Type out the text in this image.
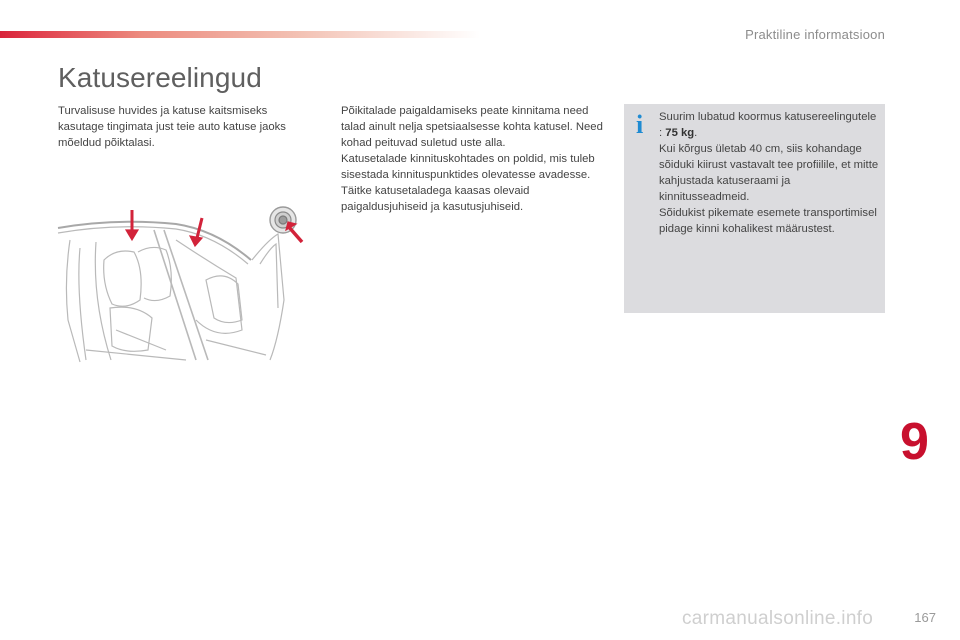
Praktiline informatsioon
Katusereelingud

Turvalisuse huvides ja katuse kaitsmiseks kasutage tingimata just teie auto katuse jaoks mõeldud põiktalasi.

Põikitalade paigaldamiseks peate kinnitama need talad ainult nelja spetsiaalsesse kohta katusel. Need kohad peituvad suletud uste alla.

Katusetalade kinnituskohtades on poldid, mis tuleb sisestada kinnituspunktides olevatesse avadesse.

Täitke katusetaladega kaasas olevaid paigaldusjuhiseid ja kasutusjuhiseid.

i Suurim lubatud koormus katusereelingutele : 75 kg.

Kui kõrgus ületab 40 cm, siis kohandage sõiduki kiirust vastavalt tee profiilile, et mitte kahjustada katuseraami ja kinnitusseadmeid.

Sõidukist pikemate esemete transportimisel pidage kinni kohalikest määrustest.

9
carmanualsonline.info	167
